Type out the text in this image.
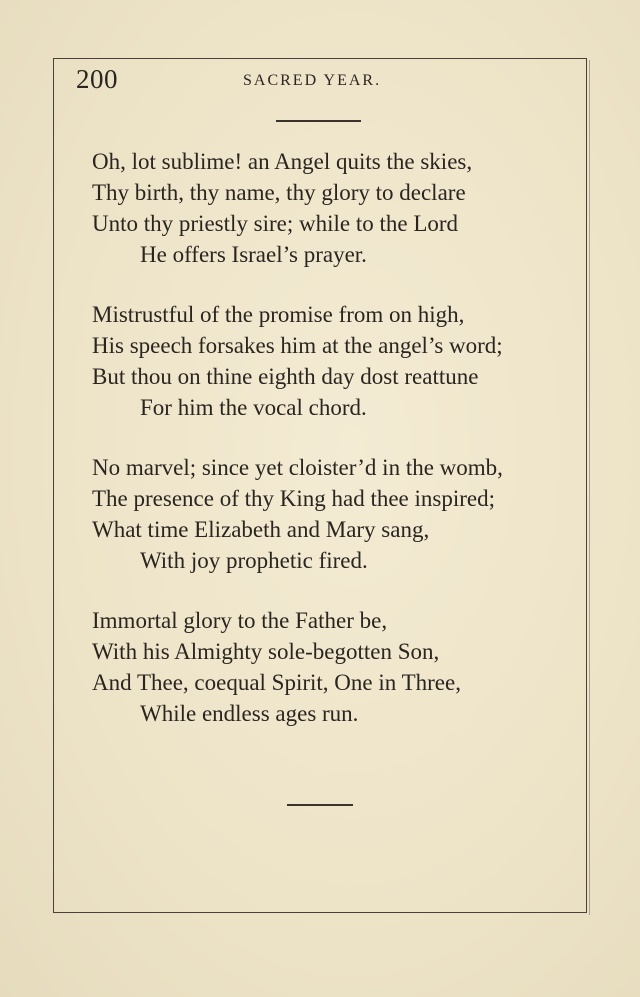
200	SACRED YEAR.
Oh, lot sublime! an Angel quits the skies,
Thy birth, thy name, thy glory to declare
Unto thy priestly sire; while to the Lord
He offers Israel’s prayer.
Mistrustful of the promise from on high,
His speech forsakes him at the angel’s word;
But thou on thine eighth day dost reattune
For him the vocal chord.
No marvel; since yet cloister’d in the womb,
The presence of thy King had thee inspired;
What time Elizabeth and Mary sang,
With joy prophetic fired.
Immortal glory to the Father be,
With his Almighty sole-begotten Son,
And Thee, coequal Spirit, One in Three,
While endless ages run.
